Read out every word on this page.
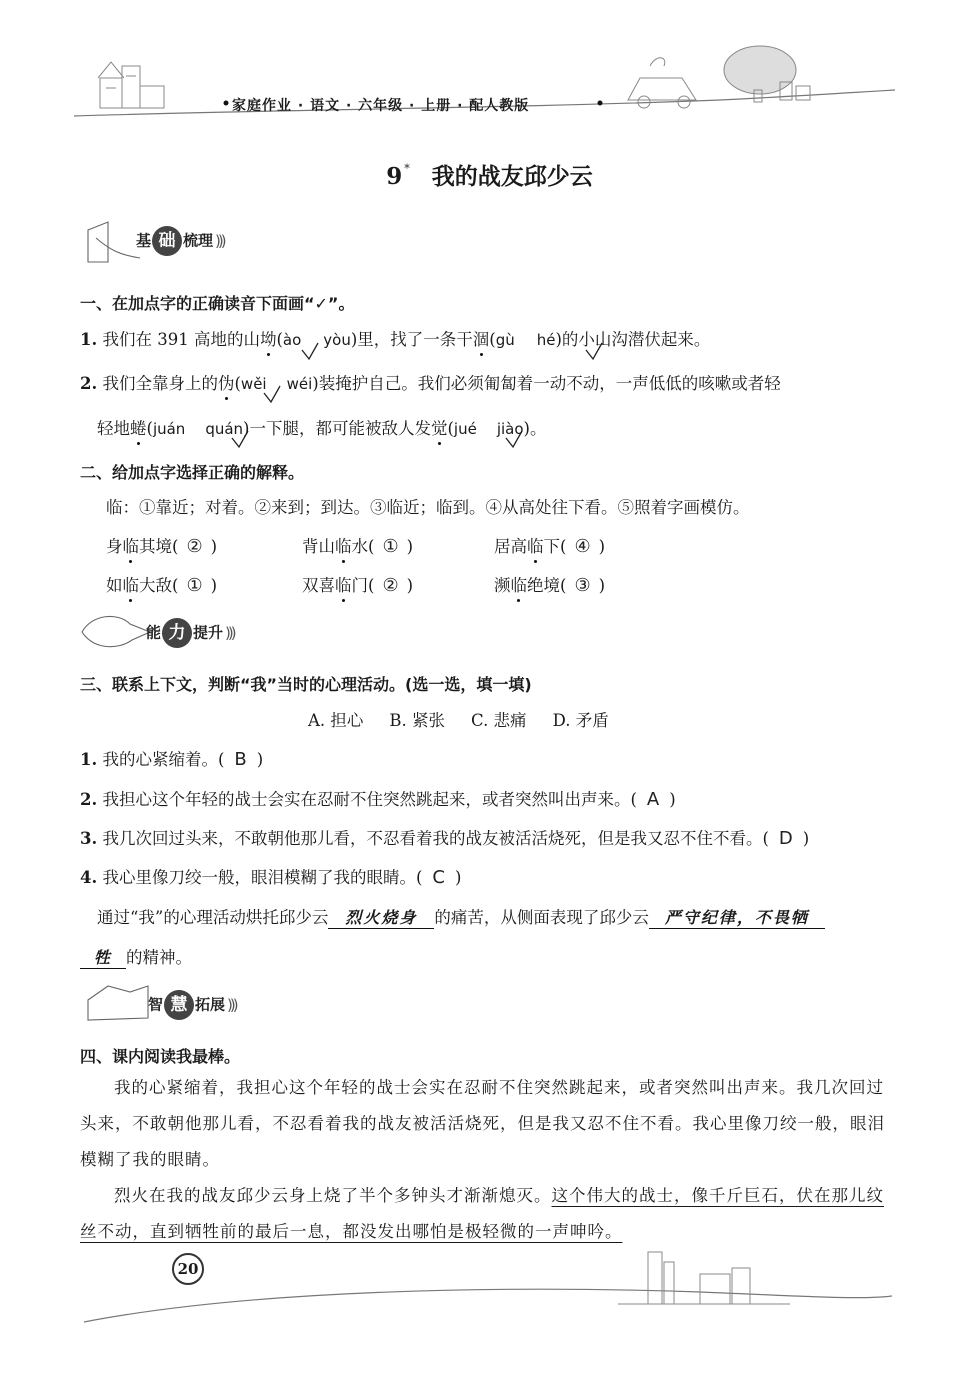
家庭作业 · 语文 · 六年级 · 上册 · 配人教版
9 * 我的战友邱少云
基 础 梳理 )))
一、在加点字的正确读音下面画“✓”。
1. 我们在 391 高地的山坳(ào yòu)里，找了一条干涸(gù hé)的小山沟潜伏起来。
2. 我们全靠身上的伪(wěi wéi)装掩护自己。我们必须匍匐着一动不动，一声低低的咳嗽或者轻
轻地蜷(juán quán)一下腿，都可能被敌人发觉(jué jiào)。
二、给加点字选择正确的解释。
临：①靠近；对着。②来到；到达。③临近；临到。④从高处往下看。⑤照着字画模仿。
身临其境( ② )	背山临水( ① )	居高临下( ④ )
如临大敌( ① )	双喜临门( ② )	濒临绝境( ③ )
能 力 提升 )))
三、联系上下文，判断“我”当时的心理活动。(选一选，填一填)
A. 担心 B. 紧张 C. 悲痛 D. 矛盾
1. 我的心紧缩着。( B )
2. 我担心这个年轻的战士会实在忍耐不住突然跳起来，或者突然叫出声来。( A )
3. 我几次回过头来，不敢朝他那儿看，不忍看着我的战友被活活烧死，但是我又忍不住不看。( D )
4. 我心里像刀绞一般，眼泪模糊了我的眼睛。( C )
通过“我”的心理活动烘托邱少云 烈火烧身 的痛苦，从侧面表现了邱少云 严守纪律，不畏牺
牲 的精神。
智 慧 拓展 )))
四、课内阅读我最棒。
我的心紧缩着，我担心这个年轻的战士会实在忍耐不住突然跳起来，或者突然叫出声来。我几次回过头来，不敢朝他那儿看，不忍看着我的战友被活活烧死，但是我又忍不住不看。我心里像刀绞一般，眼泪模糊了我的眼睛。
烈火在我的战友邱少云身上烧了半个多钟头才渐渐熄灭。这个伟大的战士，像千斤巨石，伏在那儿纹丝不动，直到牺牲前的最后一息，都没发出哪怕是极轻微的一声呻吟。
20
